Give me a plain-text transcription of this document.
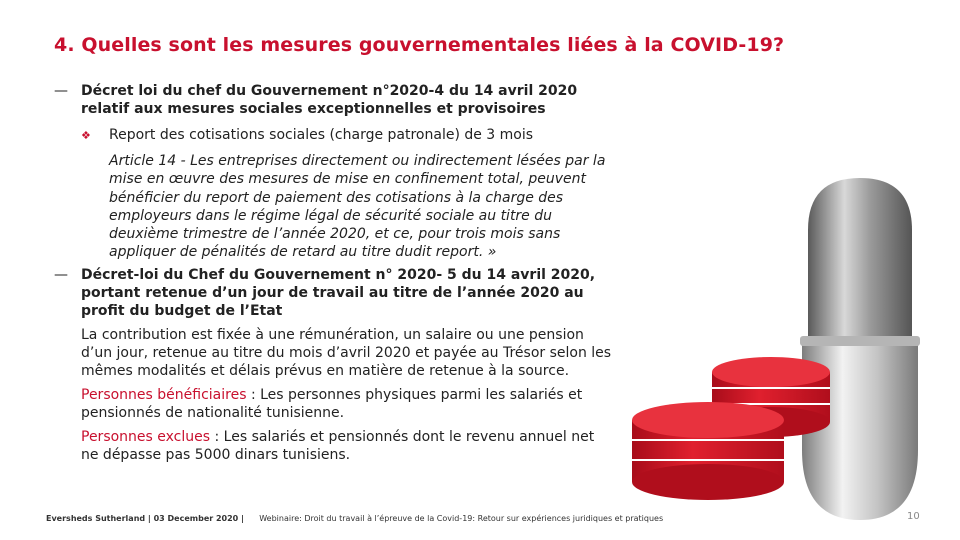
4. Quelles sont les mesures gouvernementales liées à la COVID-19?
— Décret loi du chef du Gouvernement n°2020-4 du 14 avril 2020 relatif aux mesures sociales exceptionnelles et provisoires
❖ Report des cotisations sociales (charge patronale) de 3 mois
Article 14 - Les entreprises directement ou indirectement lésées par la mise en œuvre des mesures de mise en confinement total, peuvent bénéficier du report de paiement des cotisations à la charge des employeurs dans le régime légal de sécurité sociale au titre du deuxième trimestre de l’année 2020, et ce, pour trois mois sans appliquer de pénalités de retard au titre dudit report. »
— Décret-loi du Chef du Gouvernement n° 2020- 5 du 14 avril 2020, portant retenue d’un jour de travail au titre de l’année 2020 au profit du budget de l’Etat
La contribution est fixée à une rémunération, un salaire ou une pension d’un jour, retenue au titre du mois d’avril 2020 et payée au Trésor selon les mêmes modalités et délais prévus en matière de retenue à la source.
Personnes bénéficiaires : Les personnes physiques parmi les salariés et pensionnés de nationalité tunisienne.
Personnes exclues : Les salariés et pensionnés dont le revenu annuel net ne dépasse pas 5000 dinars tunisiens.
Eversheds Sutherland | 03 December 2020 | Webinaire: Droit du travail à l’épreuve de la Covid-19: Retour sur expériences juridiques et pratiques	10
